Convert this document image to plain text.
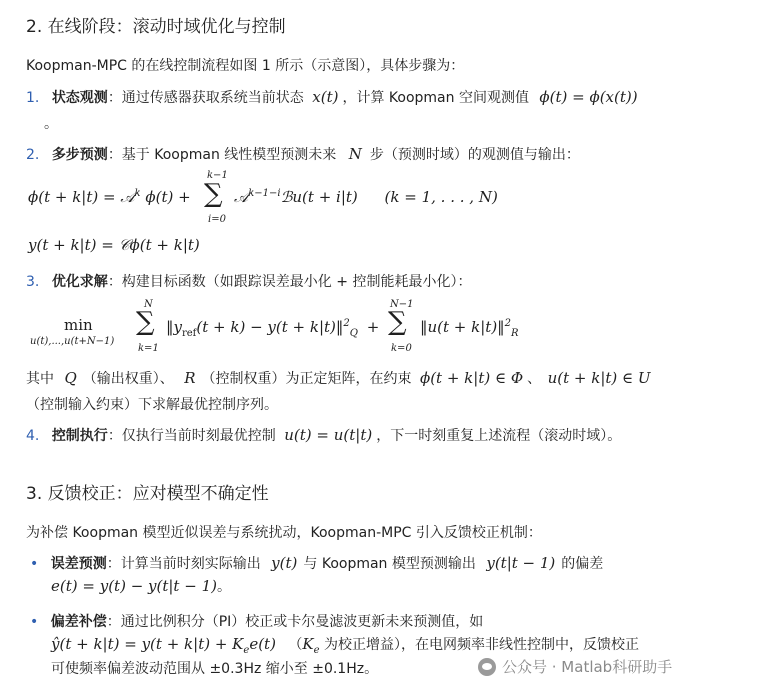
2. 在线阶段：滚动时域优化与控制
Koopman-MPC 的在线控制流程如图 1 所示（示意图），具体步骤为：
1. 状态观测：通过传感器获取系统当前状态 x(t) ，计算 Koopman 空间观测值 ϕ(t) = ϕ(x(t))
。
2. 多步预测：基于 Koopman 线性模型预测未来 N 步（预测时域）的观测值与输出：
ϕ(t + k|t) = 𝒜$^k$ ϕ(t) +
k−1
∑
i=0
𝒜$^{k-1-i}$ℬu(t + i|t) (k = 1, . . . , N)
y(t + k|t) = 𝒞ϕ(t + k|t)
3. 优化求解：构建目标函数（如跟踪误差最小化 + 控制能耗最小化）：
min
u(t),...,u(t+N−1)
N
∑
k=1
$‖y_{ref}(t + k) - y(t$ + k|t)‖$^2_Q$ +
N−1
∑
k=0
‖u(t + k|t)‖$^2_R$
其中 Q （输出权重）、 R （控制权重）为正定矩阵，在约束 ϕ(t + k|t) ∈ Φ 、 u(t + k|t) ∈ U
（控制输入约束）下求解最优控制序列。
4. 控制执行：仅执行当前时刻最优控制 u(t) = u(t|t) ，下一时刻重复上述流程（滚动时域）。
3. 反馈校正：应对模型不确定性
为补偿 Koopman 模型近似误差与系统扰动，Koopman-MPC 引入反馈校正机制：
• 误差预测：计算当前时刻实际输出 y(t) 与 Koopman 模型预测输出 y(t|t − 1) 的偏差
e(t) = y(t) − y(t|t − 1)。
• 偏差补偿：通过比例积分（PI）校正或卡尔曼滤波更新未来预测值，如
ŷ(t + $k|t) = y(t + k|t) + K_ee(t)$ （$K_e$ 为校正增益），在电网频率非线性控制中，反馈校正
可使频率偏差波动范围从 ±0.3Hz 缩小至 ±0.1Hz。	公众号 · Matlab科研助手
